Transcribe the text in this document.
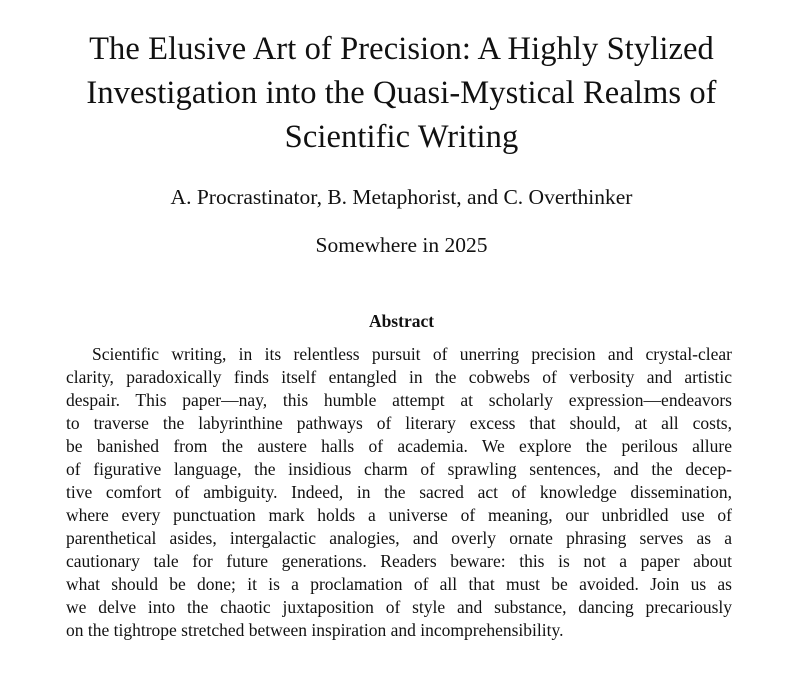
The Elusive Art of Precision: A Highly Stylized
Investigation into the Quasi-Mystical Realms of
Scientific Writing
A. Procrastinator, B. Metaphorist, and C. Overthinker
Somewhere in 2025
Abstract
Scientific writing, in its relentless pursuit of unerring precision and crystal-clear
clarity, paradoxically finds itself entangled in the cobwebs of verbosity and artistic
despair. This paper—nay, this humble attempt at scholarly expression—endeavors
to traverse the labyrinthine pathways of literary excess that should, at all costs,
be banished from the austere halls of academia. We explore the perilous allure
of figurative language, the insidious charm of sprawling sentences, and the decep-
tive comfort of ambiguity. Indeed, in the sacred act of knowledge dissemination,
where every punctuation mark holds a universe of meaning, our unbridled use of
parenthetical asides, intergalactic analogies, and overly ornate phrasing serves as a
cautionary tale for future generations. Readers beware: this is not a paper about
what should be done; it is a proclamation of all that must be avoided. Join us as
we delve into the chaotic juxtaposition of style and substance, dancing precariously
on the tightrope stretched between inspiration and incomprehensibility.
